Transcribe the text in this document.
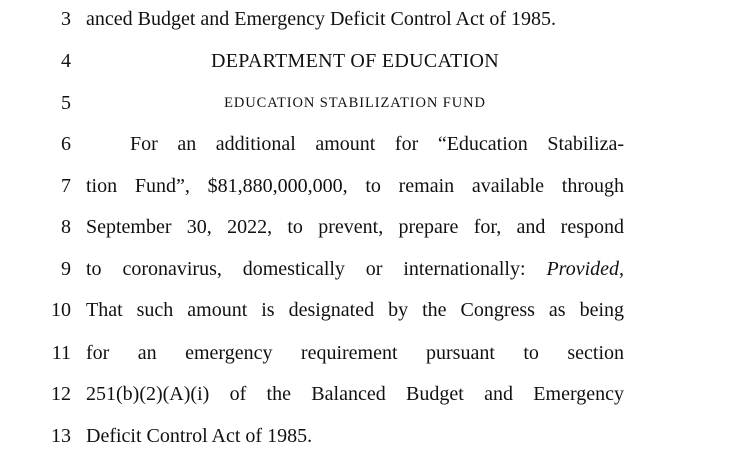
3 anced Budget and Emergency Deficit Control Act of 1985.
4	DEPARTMENT OF EDUCATION
5	EDUCATION STABILIZATION FUND
6	For an additional amount for “Education Stabiliza-
7 tion Fund”, $81,880,000,000, to remain available through
8 September 30, 2022, to prevent, prepare for, and respond
9 to coronavirus, domestically or internationally: Provided,
10 That such amount is designated by the Congress as being
11 for an emergency requirement pursuant to section
12 251(b)(2)(A)(i) of the Balanced Budget and Emergency
13 Deficit Control Act of 1985.
